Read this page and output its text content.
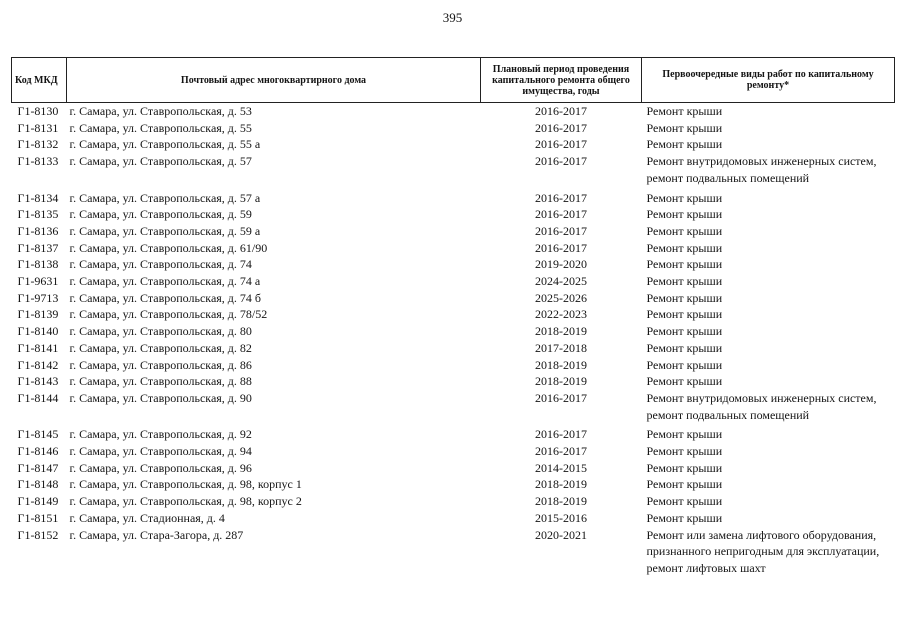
395
Код МКД	Почтовый адрес многоквартирного дома	Плановый период проведения капитального ремонта общего имущества, годы	Первоочередные виды работ по капитальному ремонту*
Г1-8130	г. Самара, ул. Ставропольская, д. 53	2016-2017	Ремонт крыши
Г1-8131	г. Самара, ул. Ставропольская, д. 55	2016-2017	Ремонт крыши
Г1-8132	г. Самара, ул. Ставропольская, д. 55 а	2016-2017	Ремонт крыши
Г1-8133	г. Самара, ул. Ставропольская, д. 57	2016-2017	Ремонт внутридомовых инженерных систем,
ремонт подвальных помещений
Г1-8134	г. Самара, ул. Ставропольская, д. 57 а	2016-2017	Ремонт крыши
Г1-8135	г. Самара, ул. Ставропольская, д. 59	2016-2017	Ремонт крыши
Г1-8136	г. Самара, ул. Ставропольская, д. 59 а	2016-2017	Ремонт крыши
Г1-8137	г. Самара, ул. Ставропольская, д. 61/90	2016-2017	Ремонт крыши
Г1-8138	г. Самара, ул. Ставропольская, д. 74	2019-2020	Ремонт крыши
Г1-9631	г. Самара, ул. Ставропольская, д. 74 а	2024-2025	Ремонт крыши
Г1-9713	г. Самара, ул. Ставропольская, д. 74 б	2025-2026	Ремонт крыши
Г1-8139	г. Самара, ул. Ставропольская, д. 78/52	2022-2023	Ремонт крыши
Г1-8140	г. Самара, ул. Ставропольская, д. 80	2018-2019	Ремонт крыши
Г1-8141	г. Самара, ул. Ставропольская, д. 82	2017-2018	Ремонт крыши
Г1-8142	г. Самара, ул. Ставропольская, д. 86	2018-2019	Ремонт крыши
Г1-8143	г. Самара, ул. Ставропольская, д. 88	2018-2019	Ремонт крыши
Г1-8144	г. Самара, ул. Ставропольская, д. 90	2016-2017	Ремонт внутридомовых инженерных систем,
ремонт подвальных помещений
Г1-8145	г. Самара, ул. Ставропольская, д. 92	2016-2017	Ремонт крыши
Г1-8146	г. Самара, ул. Ставропольская, д. 94	2016-2017	Ремонт крыши
Г1-8147	г. Самара, ул. Ставропольская, д. 96	2014-2015	Ремонт крыши
Г1-8148	г. Самара, ул. Ставропольская, д. 98, корпус 1	2018-2019	Ремонт крыши
Г1-8149	г. Самара, ул. Ставропольская, д. 98, корпус 2	2018-2019	Ремонт крыши
Г1-8151	г. Самара, ул. Стадионная, д. 4	2015-2016	Ремонт крыши
Г1-8152	г. Самара, ул. Стара-Загора, д. 287	2020-2021	Ремонт или замена лифтового оборудования,
признанного непригодным для эксплуатации,
ремонт лифтовых шахт
